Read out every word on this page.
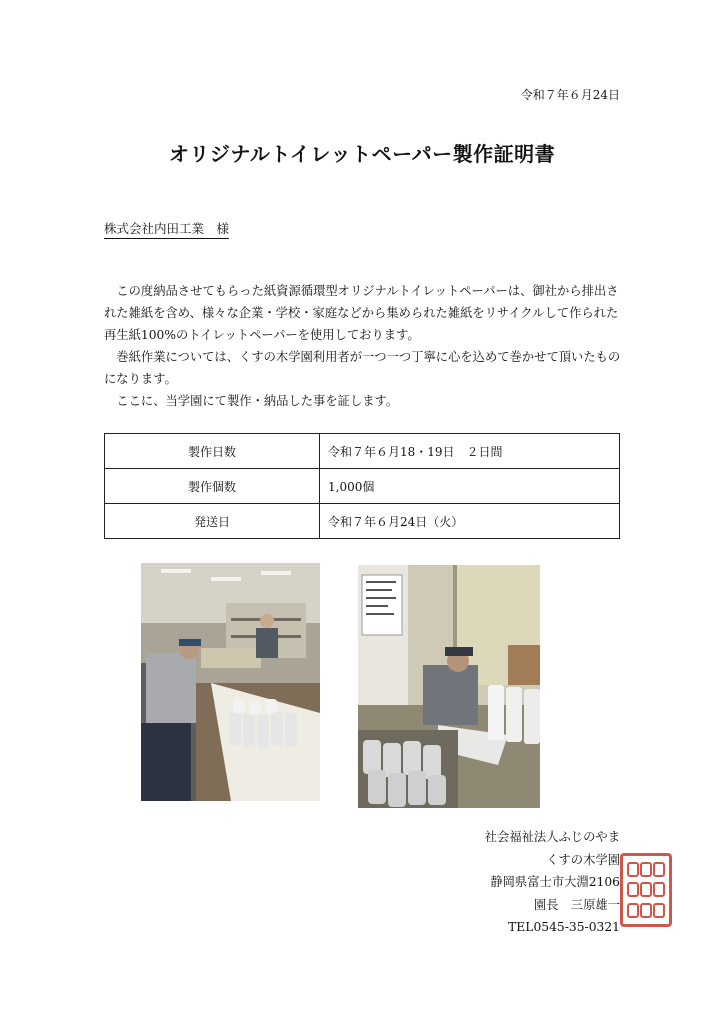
令和７年６月24日
オリジナルトイレットペーパー製作証明書
株式会社内田工業　様

この度納品させてもらった紙資源循環型オリジナルトイレットペーパーは、御社から排出された雑紙を含め、様々な企業・学校・家庭などから集められた雑紙をリサイクルして作られた再生紙100%のトイレットペーパーを使用しております。

巻紙作業については、くすの木学園利用者が一つ一つ丁寧に心を込めて巻かせて頂いたものになります。

ここに、当学園にて製作・納品した事を証します。

製作日数	令和７年６月18・19日　２日間
製作個数	1,000個
発送日	令和７年６月24日（火）
社会福祉法人ふじのやま
くすの木学園
静岡県富士市大淵2106
園長　三原雄一
TEL0545-35-0321
